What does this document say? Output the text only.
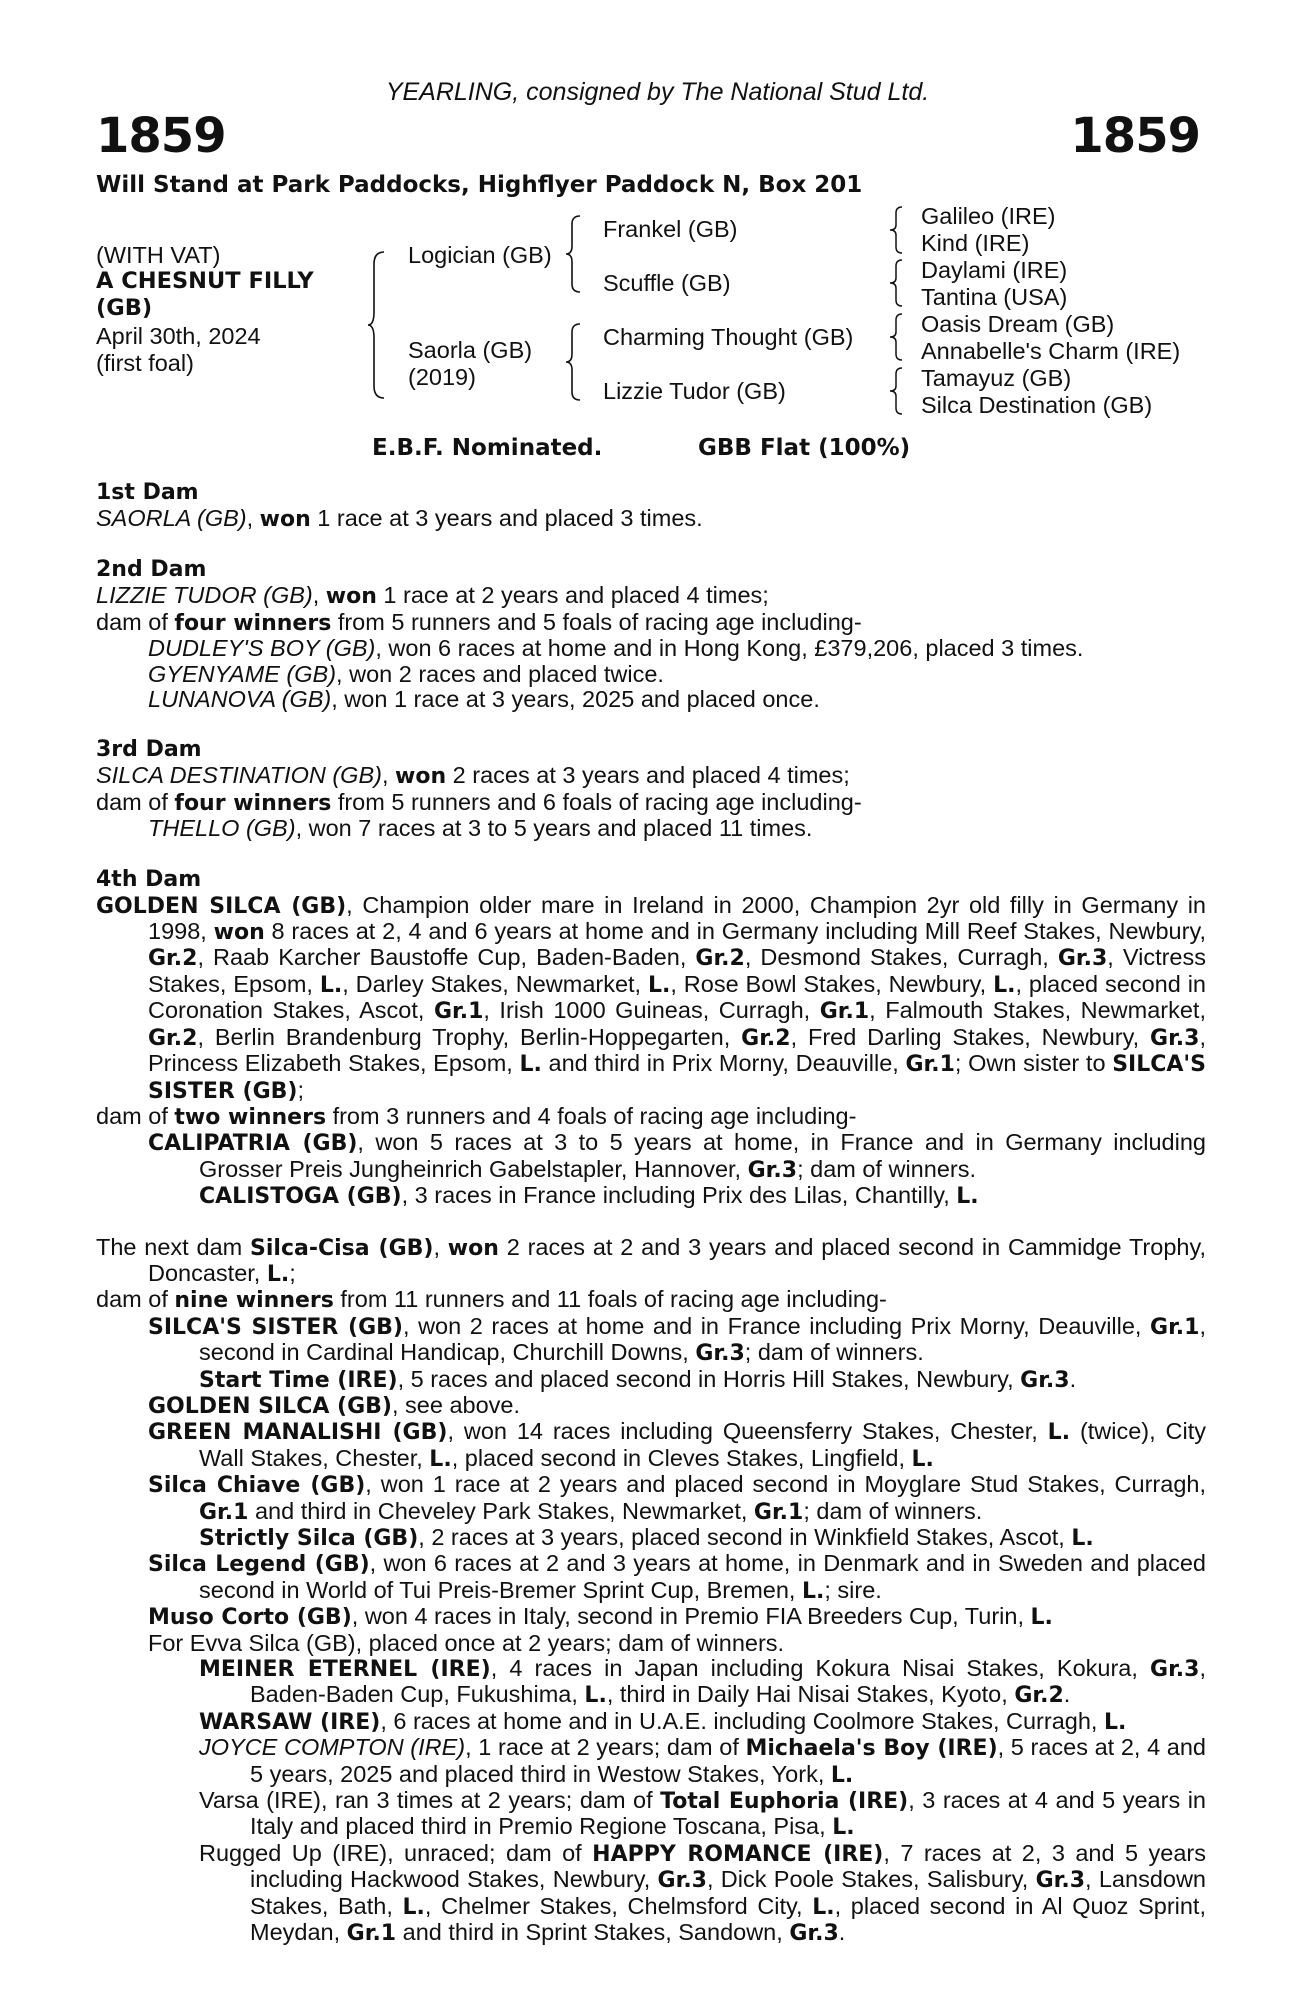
YEARLING, consigned by The National Stud Ltd.
1859	1859
Will Stand at Park Paddocks, Highflyer Paddock N, Box 201
(WITH VAT)
A CHESNUT FILLY
(GB)
April 30th, 2024
(first foal)
Logician (GB)
Saorla (GB)
(2019)
Frankel (GB)
Scuffle (GB)
Charming Thought (GB)
Lizzie Tudor (GB)
Galileo (IRE)
Kind (IRE)
Daylami (IRE)
Tantina (USA)
Oasis Dream (GB)
Annabelle's Charm (IRE)
Tamayuz (GB)
Silca Destination (GB)
E.B.F. Nominated.	GBB Flat (100%)
1st Dam
SAORLA (GB), won 1 race at 3 years and placed 3 times.
2nd Dam
LIZZIE TUDOR (GB), won 1 race at 2 years and placed 4 times;
dam of four winners from 5 runners and 5 foals of racing age including-
DUDLEY'S BOY (GB), won 6 races at home and in Hong Kong, £379,206, placed 3 times.
GYENYAME (GB), won 2 races and placed twice.
LUNANOVA (GB), won 1 race at 3 years, 2025 and placed once.
3rd Dam
SILCA DESTINATION (GB), won 2 races at 3 years and placed 4 times;
dam of four winners from 5 runners and 6 foals of racing age including-
THELLO (GB), won 7 races at 3 to 5 years and placed 11 times.
4th Dam
GOLDEN SILCA (GB), Champion older mare in Ireland in 2000, Champion 2yr old filly in Germany in 1998, won 8 races at 2, 4 and 6 years at home and in Germany including Mill Reef Stakes, Newbury, Gr.2, Raab Karcher Baustoffe Cup, Baden-Baden, Gr.2, Desmond Stakes, Curragh, Gr.3, Victress Stakes, Epsom, L., Darley Stakes, Newmarket, L., Rose Bowl Stakes, Newbury, L., placed second in Coronation Stakes, Ascot, Gr.1, Irish 1000 Guineas, Curragh, Gr.1, Falmouth Stakes, Newmarket, Gr.2, Berlin Brandenburg Trophy, Berlin-Hoppegarten, Gr.2, Fred Darling Stakes, Newbury, Gr.3, Princess Elizabeth Stakes, Epsom, L. and third in Prix Morny, Deauville, Gr.1; Own sister to SILCA'S SISTER (GB);
dam of two winners from 3 runners and 4 foals of racing age including-
CALIPATRIA (GB), won 5 races at 3 to 5 years at home, in France and in Germany including Grosser Preis Jungheinrich Gabelstapler, Hannover, Gr.3; dam of winners.
CALISTOGA (GB), 3 races in France including Prix des Lilas, Chantilly, L.
The next dam Silca-Cisa (GB), won 2 races at 2 and 3 years and placed second in Cammidge Trophy, Doncaster, L.;
dam of nine winners from 11 runners and 11 foals of racing age including-
SILCA'S SISTER (GB), won 2 races at home and in France including Prix Morny, Deauville, Gr.1, second in Cardinal Handicap, Churchill Downs, Gr.3; dam of winners.
Start Time (IRE), 5 races and placed second in Horris Hill Stakes, Newbury, Gr.3.
GOLDEN SILCA (GB), see above.
GREEN MANALISHI (GB), won 14 races including Queensferry Stakes, Chester, L. (twice), City Wall Stakes, Chester, L., placed second in Cleves Stakes, Lingfield, L.
Silca Chiave (GB), won 1 race at 2 years and placed second in Moyglare Stud Stakes, Curragh, Gr.1 and third in Cheveley Park Stakes, Newmarket, Gr.1; dam of winners.
Strictly Silca (GB), 2 races at 3 years, placed second in Winkfield Stakes, Ascot, L.
Silca Legend (GB), won 6 races at 2 and 3 years at home, in Denmark and in Sweden and placed second in World of Tui Preis-Bremer Sprint Cup, Bremen, L.; sire.
Muso Corto (GB), won 4 races in Italy, second in Premio FIA Breeders Cup, Turin, L.
For Evva Silca (GB), placed once at 2 years; dam of winners.
MEINER ETERNEL (IRE), 4 races in Japan including Kokura Nisai Stakes, Kokura, Gr.3, Baden-Baden Cup, Fukushima, L., third in Daily Hai Nisai Stakes, Kyoto, Gr.2.
WARSAW (IRE), 6 races at home and in U.A.E. including Coolmore Stakes, Curragh, L.
JOYCE COMPTON (IRE), 1 race at 2 years; dam of Michaela's Boy (IRE), 5 races at 2, 4 and 5 years, 2025 and placed third in Westow Stakes, York, L.
Varsa (IRE), ran 3 times at 2 years; dam of Total Euphoria (IRE), 3 races at 4 and 5 years in Italy and placed third in Premio Regione Toscana, Pisa, L.
Rugged Up (IRE), unraced; dam of HAPPY ROMANCE (IRE), 7 races at 2, 3 and 5 years including Hackwood Stakes, Newbury, Gr.3, Dick Poole Stakes, Salisbury, Gr.3, Lansdown Stakes, Bath, L., Chelmer Stakes, Chelmsford City, L., placed second in Al Quoz Sprint, Meydan, Gr.1 and third in Sprint Stakes, Sandown, Gr.3.
